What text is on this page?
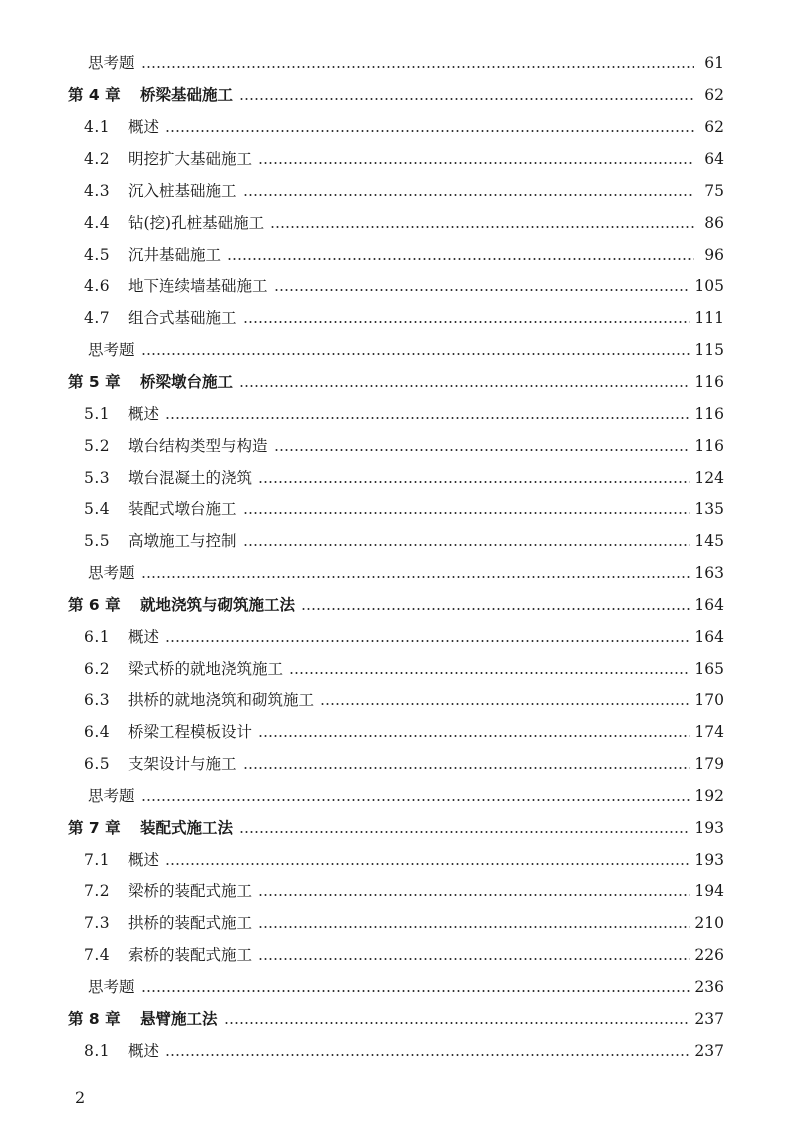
思考题	61
第 4 章	桥梁基础施工	62
4.1	概述	62
4.2	明挖扩大基础施工	64
4.3	沉入桩基础施工	75
4.4	钻(挖)孔桩基础施工	86
4.5	沉井基础施工	96
4.6	地下连续墙基础施工	105
4.7	组合式基础施工	111
思考题	115
第 5 章	桥梁墩台施工	116
5.1	概述	116
5.2	墩台结构类型与构造	116
5.3	墩台混凝土的浇筑	124
5.4	装配式墩台施工	135
5.5	高墩施工与控制	145
思考题	163
第 6 章	就地浇筑与砌筑施工法	164
6.1	概述	164
6.2	梁式桥的就地浇筑施工	165
6.3	拱桥的就地浇筑和砌筑施工	170
6.4	桥梁工程模板设计	174
6.5	支架设计与施工	179
思考题	192
第 7 章	装配式施工法	193
7.1	概述	193
7.2	梁桥的装配式施工	194
7.3	拱桥的装配式施工	210
7.4	索桥的装配式施工	226
思考题	236
第 8 章	悬臂施工法	237
8.1	概述	237
2
